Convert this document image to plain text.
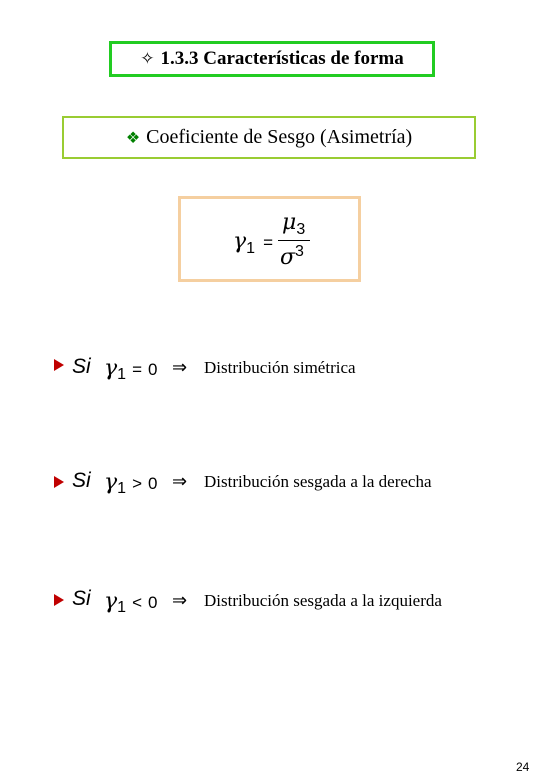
✧ 1.3.3 Características de forma
❖ Coeficiente de Sesgo (Asimetría)
γ1 =
μ3
σ3
Si γ 1 = 0 ⇒ Distribución simétrica
Si γ 1 > 0 ⇒ Distribución sesgada a la derecha
Si γ 1 < 0 ⇒ Distribución sesgada a la izquierda
24
